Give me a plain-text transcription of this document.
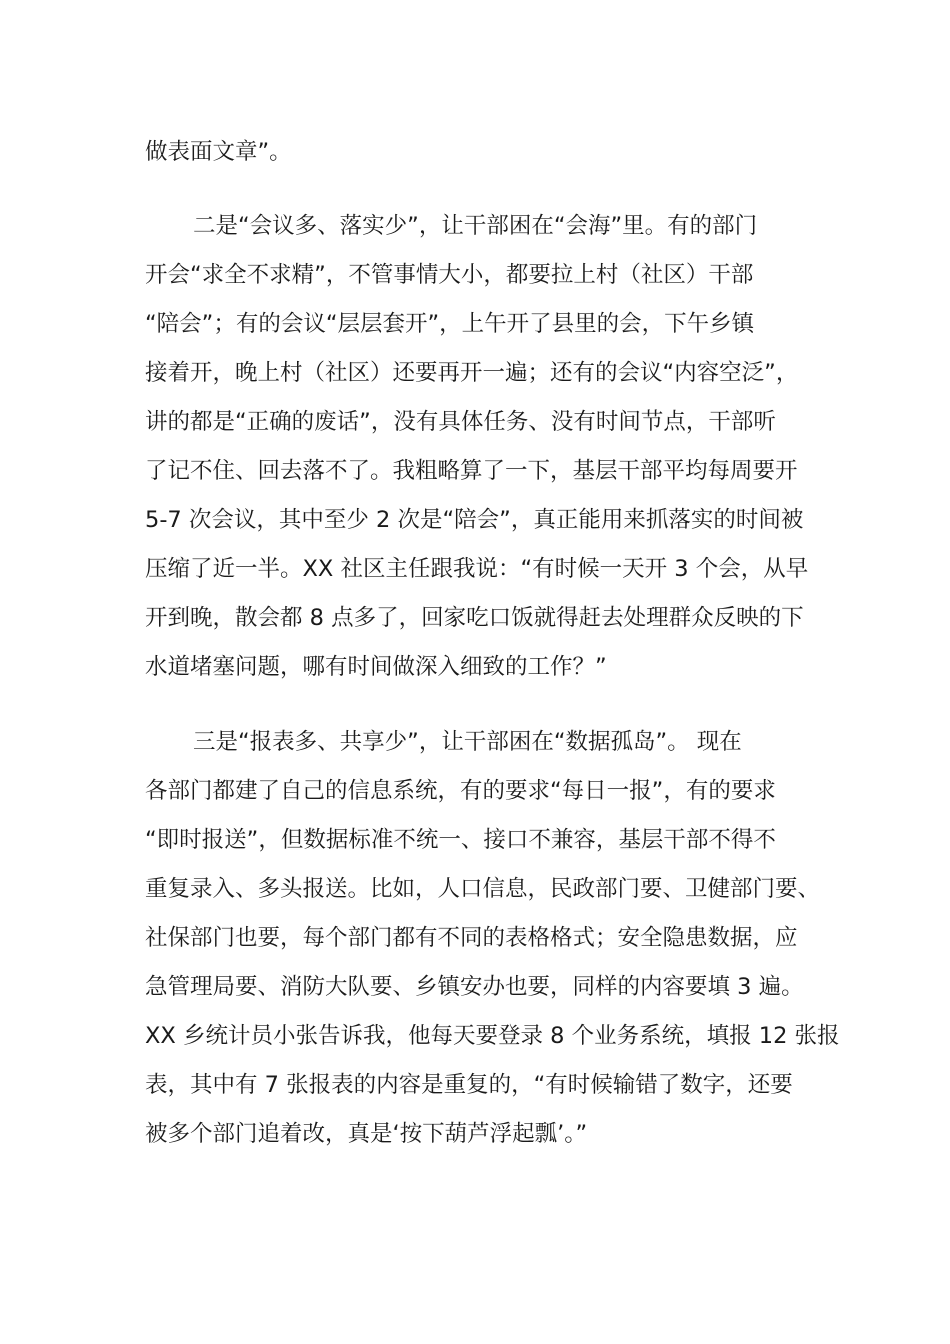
做表面文章”。

二是“会议多、落实少”，让干部困在“会海”里。有的部门

开会“求全不求精”，不管事情大小，都要拉上村（社区）干部

“陪会”；有的会议“层层套开”，上午开了县里的会，下午乡镇

接着开，晚上村（社区）还要再开一遍；还有的会议“内容空泛”，

讲的都是“正确的废话”，没有具体任务、没有时间节点，干部听

了记不住、回去落不了。我粗略算了一下，基层干部平均每周要开

5-7 次会议，其中至少 2 次是“陪会”，真正能用来抓落实的时间被

压缩了近一半。XX 社区主任跟我说：“有时候一天开 3 个会，从早

开到晚，散会都 8 点多了，回家吃口饭就得赶去处理群众反映的下

水道堵塞问题，哪有时间做深入细致的工作？”

三是“报表多、共享少”，让干部困在“数据孤岛”。 现在

各部门都建了自己的信息系统，有的要求“每日一报”，有的要求

“即时报送”，但数据标准不统一、接口不兼容，基层干部不得不

重复录入、多头报送。比如，人口信息，民政部门要、卫健部门要、

社保部门也要，每个部门都有不同的表格格式；安全隐患数据，应

急管理局要、消防大队要、乡镇安办也要，同样的内容要填 3 遍。

XX 乡统计员小张告诉我，他每天要登录 8 个业务系统，填报 12 张报

表，其中有 7 张报表的内容是重复的，“有时候输错了数字，还要

被多个部门追着改，真是‘按下葫芦浮起瓢’。”
